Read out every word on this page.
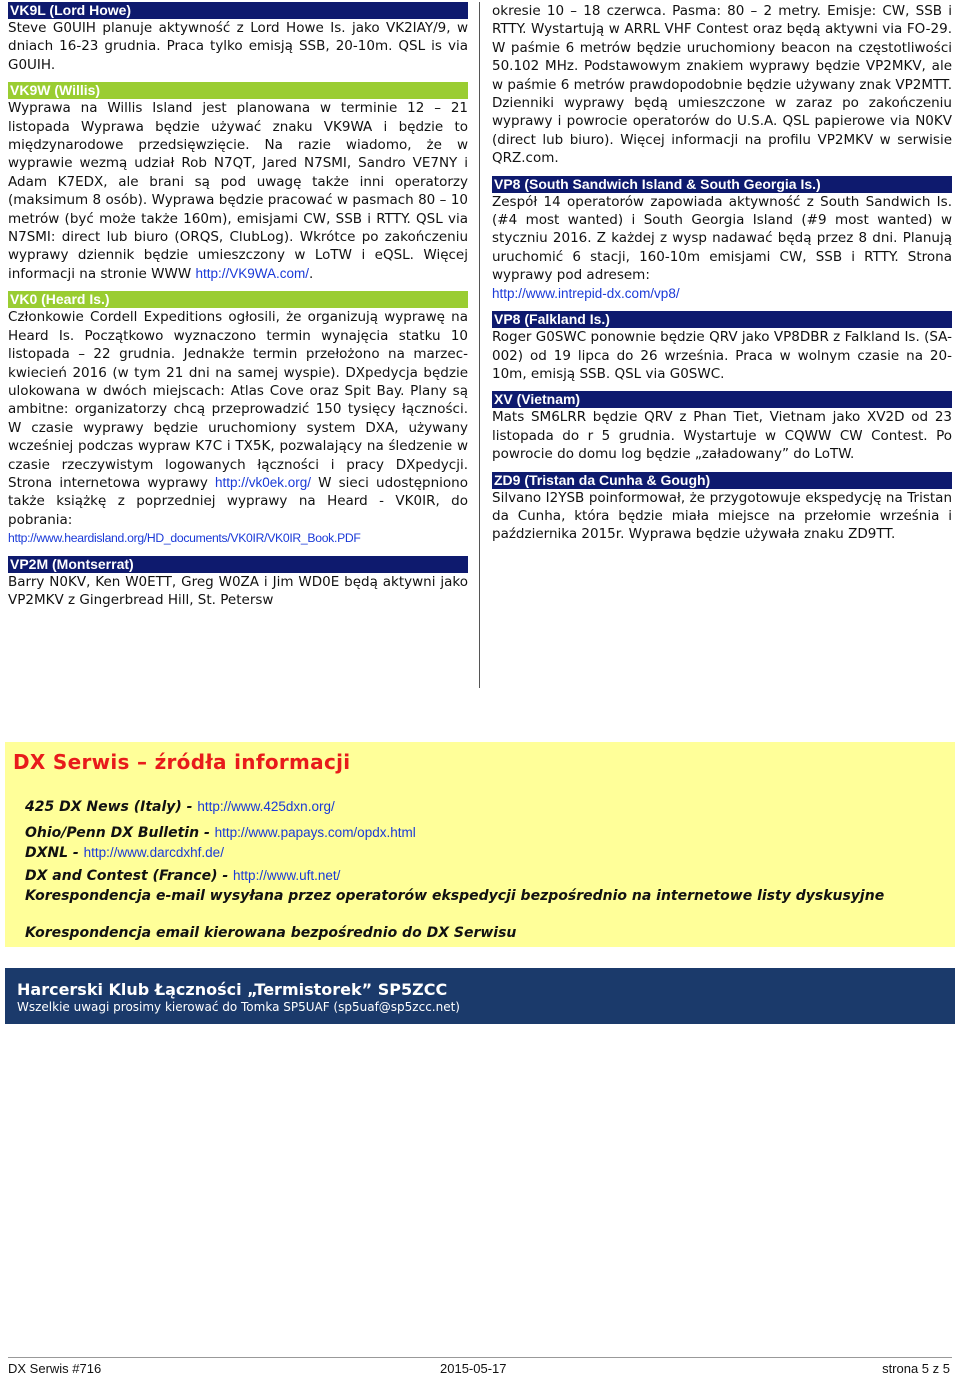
VK9L (Lord Howe)

Steve G0UIH planuje aktywność z Lord Howe Is. jako VK2IAY/9, w dniach 16-23 grudnia. Praca tylko emisją SSB, 20-10m. QSL is via G0UIH.

VK9W (Willis)

Wyprawa na Willis Island jest planowana w terminie 12 – 21 listopada Wyprawa będzie używać znaku VK9WA i będzie to międzynarodowe przedsięwzięcie. Na razie wiadomo, że w wyprawie wezmą udział Rob N7QT, Jared N7SMI, Sandro VE7NY i Adam K7EDX, ale brani są pod uwagę także inni operatorzy (maksimum 8 osób). Wyprawa będzie pracować w pasmach 80 – 10 metrów (być może także 160m), emisjami CW, SSB i RTTY. QSL via N7SMI: direct lub biuro (ORQS, ClubLog). Wkrótce po zakończeniu wyprawy dziennik będzie umieszczony w LoTW i eQSL. Więcej informacji na stronie WWW http://VK9WA.com/.

VK0 (Heard Is.)

Członkowie Cordell Expeditions ogłosili, że organizują wyprawę na Heard Is. Początkowo wyznaczono termin wynajęcia statku 10 listopada – 22 grudnia. Jednakże termin przełożono na marzec-kwiecień 2016 (w tym 21 dni na samej wyspie). DXpedycja będzie ulokowana w dwóch miejscach: Atlas Cove oraz Spit Bay. Plany są ambitne: organizatorzy chcą przeprowadzić 150 tysięcy łączności. W czasie wyprawy będzie uruchomiony system DXA, używany wcześniej podczas wypraw K7C i TX5K, pozwalający na śledzenie w czasie rzeczywistym logowanych łączności i pracy DXpedycji. Strona internetowa wyprawy http://vk0ek.org/ W sieci udostępniono także książkę z poprzedniej wyprawy na Heard - VK0IR, do pobrania:
http://www.heardisland.org/HD_documents/VK0IR/VK0IR_Book.PDF

VP2M (Montserrat)

Barry N0KV, Ken W0ETT, Greg W0ZA i Jim WD0E będą aktywni jako VP2MKV z Gingerbread Hill, St. Petersw

okresie 10 – 18 czerwca. Pasma: 80 – 2 metry. Emisje: CW, SSB i RTTY. Wystartują w ARRL VHF Contest oraz będą aktywni via FO-29. W paśmie 6 metrów będzie uruchomiony beacon na częstotliwości 50.102 MHz. Podstawowym znakiem wyprawy będzie VP2MKV, ale w paśmie 6 metrów prawdopodobnie będzie używany znak VP2MTT. Dzienniki wyprawy będą umieszczone w zaraz po zakończeniu wyprawy i powrocie operatorów do U.S.A. QSL papierowe via N0KV (direct lub biuro). Więcej informacji na profilu VP2MKV w serwisie QRZ.com.

VP8 (South Sandwich Island & South Georgia Is.)

Zespół 14 operatorów zapowiada aktywność z South Sandwich Is. (#4 most wanted) i South Georgia Island (#9 most wanted) w styczniu 2016. Z każdej z wysp nadawać będą przez 8 dni. Planują uruchomić 6 stacji, 160-10m emisjami CW, SSB i RTTY. Strona wyprawy pod adresem:
http://www.intrepid-dx.com/vp8/

VP8 (Falkland Is.)

Roger G0SWC ponownie będzie QRV jako VP8DBR z Falkland Is. (SA-002) od 19 lipca do 26 września. Praca w wolnym czasie na 20-10m, emisją SSB. QSL via G0SWC.

XV (Vietnam)

Mats SM6LRR będzie QRV z Phan Tiet, Vietnam jako XV2D od 23 listopada do r 5 grudnia. Wystartuje w CQWW CW Contest. Po powrocie do domu log będzie „załadowany” do LoTW.

ZD9 (Tristan da Cunha & Gough)

Silvano I2YSB poinformował, że przygotowuje ekspedycję na Tristan da Cunha, która będzie miała miejsce na przełomie września i października 2015r. Wyprawa będzie używała znaku ZD9TT.

DX Serwis – źródła informacji
425 DX News (Italy) - http://www.425dxn.org/
Ohio/Penn DX Bulletin - http://www.papays.com/opdx.html
DXNL - http://www.darcdxhf.de/
DX and Contest (France) - http://www.uft.net/
Korespondencja e-mail wysyłana przez operatorów ekspedycji bezpośrednio na internetowe listy dyskusyjne
Korespondencja email kierowana bezpośrednio do DX Serwisu
Harcerski Klub Łączności „Termistorek” SP5ZCC
Wszelkie uwagi prosimy kierować do Tomka SP5UAF (sp5uaf@sp5zcc.net)
DX Serwis #716	2015-05-17	strona 5 z 5
